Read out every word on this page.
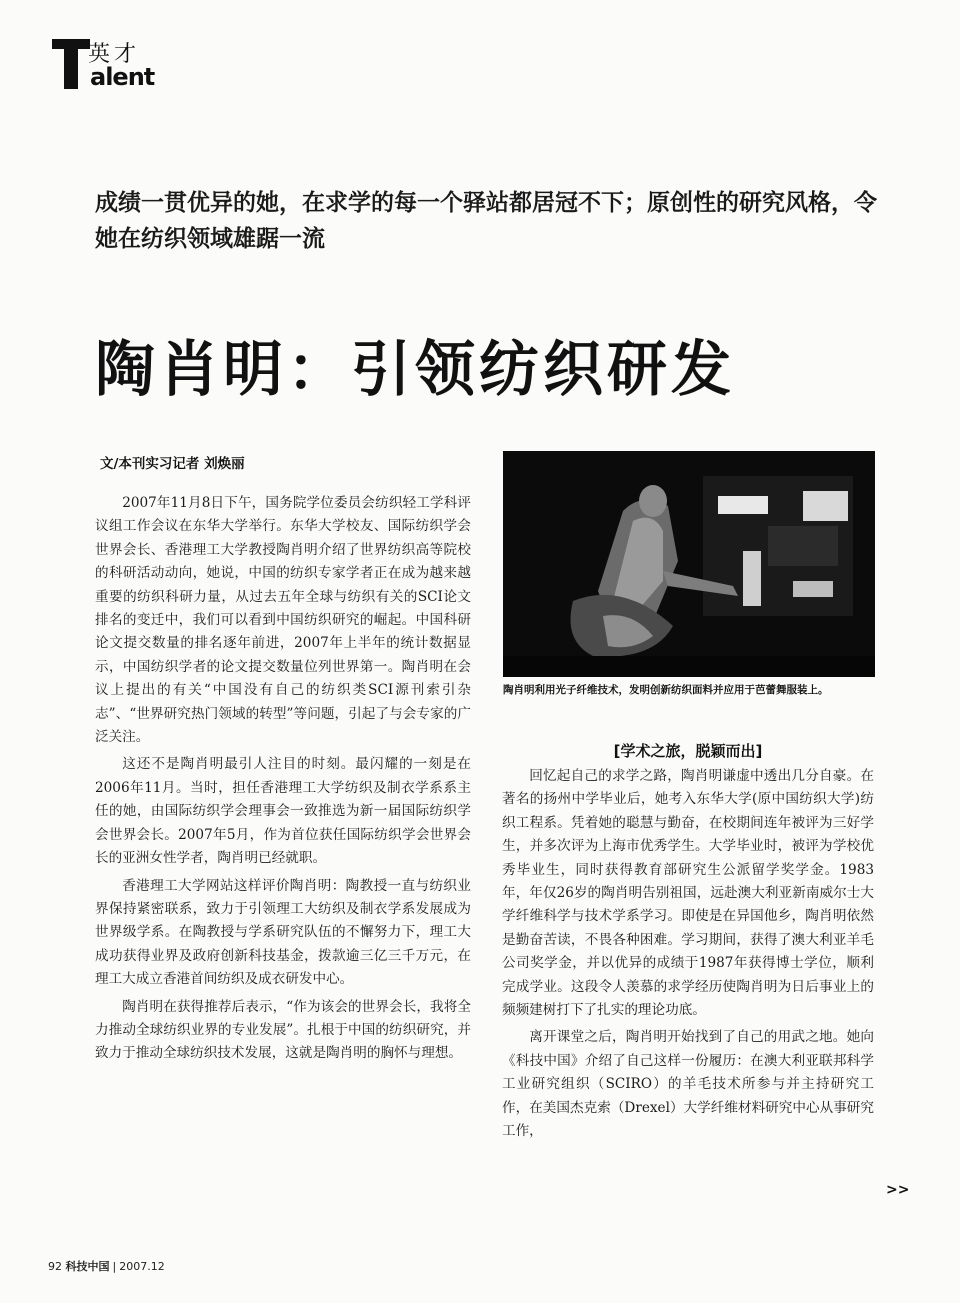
英才
alent
成绩一贯优异的她，在求学的每一个驿站都居冠不下；原创性的研究风格，令她在纺织领域雄踞一流
陶肖明：引领纺织研发
文/本刊实习记者 刘焕丽

2007年11月8日下午，国务院学位委员会纺织轻工学科评议组工作会议在东华大学举行。东华大学校友、国际纺织学会世界会长、香港理工大学教授陶肖明介绍了世界纺织高等院校的科研活动动向，她说，中国的纺织专家学者正在成为越来越重要的纺织科研力量，从过去五年全球与纺织有关的SCI论文排名的变迁中，我们可以看到中国纺织研究的崛起。中国科研论文提交数量的排名逐年前进，2007年上半年的统计数据显示，中国纺织学者的论文提交数量位列世界第一。陶肖明在会议上提出的有关“中国没有自己的纺织类SCI源刊索引杂志”、“世界研究热门领域的转型”等问题，引起了与会专家的广泛关注。

这还不是陶肖明最引人注目的时刻。最闪耀的一刻是在2006年11月。当时，担任香港理工大学纺织及制衣学系系主任的她，由国际纺织学会理事会一致推选为新一届国际纺织学会世界会长。2007年5月，作为首位获任国际纺织学会世界会长的亚洲女性学者，陶肖明已经就职。

香港理工大学网站这样评价陶肖明：陶教授一直与纺织业界保持紧密联系，致力于引领理工大纺织及制衣学系发展成为世界级学系。在陶教授与学系研究队伍的不懈努力下，理工大成功获得业界及政府创新科技基金，拨款逾三亿三千万元，在理工大成立香港首间纺织及成衣研发中心。

陶肖明在获得推荐后表示，“作为该会的世界会长，我将全力推动全球纺织业界的专业发展”。扎根于中国的纺织研究，并致力于推动全球纺织技术发展，这就是陶肖明的胸怀与理想。

陶肖明利用光子纤维技术，发明创新纺织面料并应用于芭蕾舞服装上。
[学术之旅，脱颖而出]

回忆起自己的求学之路，陶肖明谦虚中透出几分自豪。在著名的扬州中学毕业后，她考入东华大学(原中国纺织大学)纺织工程系。凭着她的聪慧与勤奋，在校期间连年被评为三好学生，并多次评为上海市优秀学生。大学毕业时，被评为学校优秀毕业生，同时获得教育部研究生公派留学奖学金。1983年，年仅26岁的陶肖明告别祖国，远赴澳大利亚新南威尔士大学纤维科学与技术学系学习。即使是在异国他乡，陶肖明依然是勤奋苦读，不畏各种困难。学习期间，获得了澳大利亚羊毛公司奖学金，并以优异的成绩于1987年获得博士学位，顺利完成学业。这段令人羡慕的求学经历使陶肖明为日后事业上的频频建树打下了扎实的理论功底。

离开课堂之后，陶肖明开始找到了自己的用武之地。她向《科技中国》介绍了自己这样一份履历：在澳大利亚联邦科学工业研究组织（SCIRO）的羊毛技术所参与并主持研究工作，在美国杰克索（Drexel）大学纤维材料研究中心从事研究工作，

>>
92 科技中国 | 2007.12
